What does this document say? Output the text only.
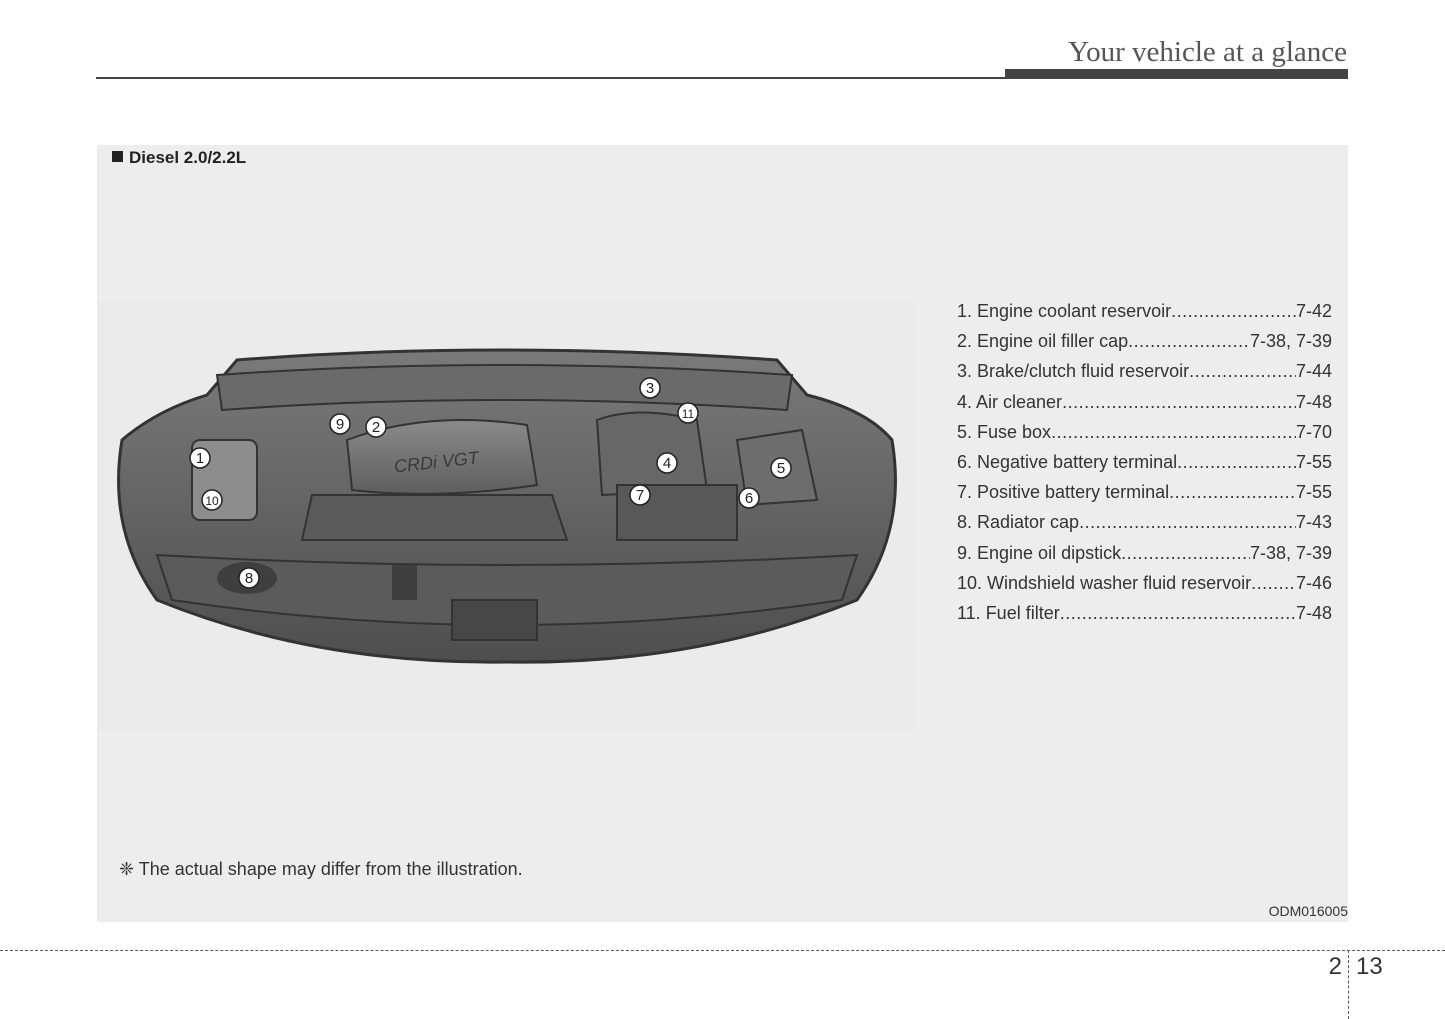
Your vehicle at a glance
Diesel 2.0/2.2L
CRDi VGT
1
2
3
4	5
6
7
8
9
10
11
1. Engine coolant reservoir .....	7-42
2. Engine oil filler cap .....	7-38, 7-39
3. Brake/clutch fluid reservoir .....	7-44
4. Air cleaner .....	7-48
5. Fuse box .....	7-70
6. Negative battery terminal .....	7-55
7. Positive battery terminal .....	7-55
8. Radiator cap .....	7-43
9. Engine oil dipstick .....	7-38, 7-39
10. Windshield washer fluid reservoir ..... 7-46
11. Fuel filter .....	7-48
❈ The actual shape may differ from the illustration.
ODM016005
2 13
